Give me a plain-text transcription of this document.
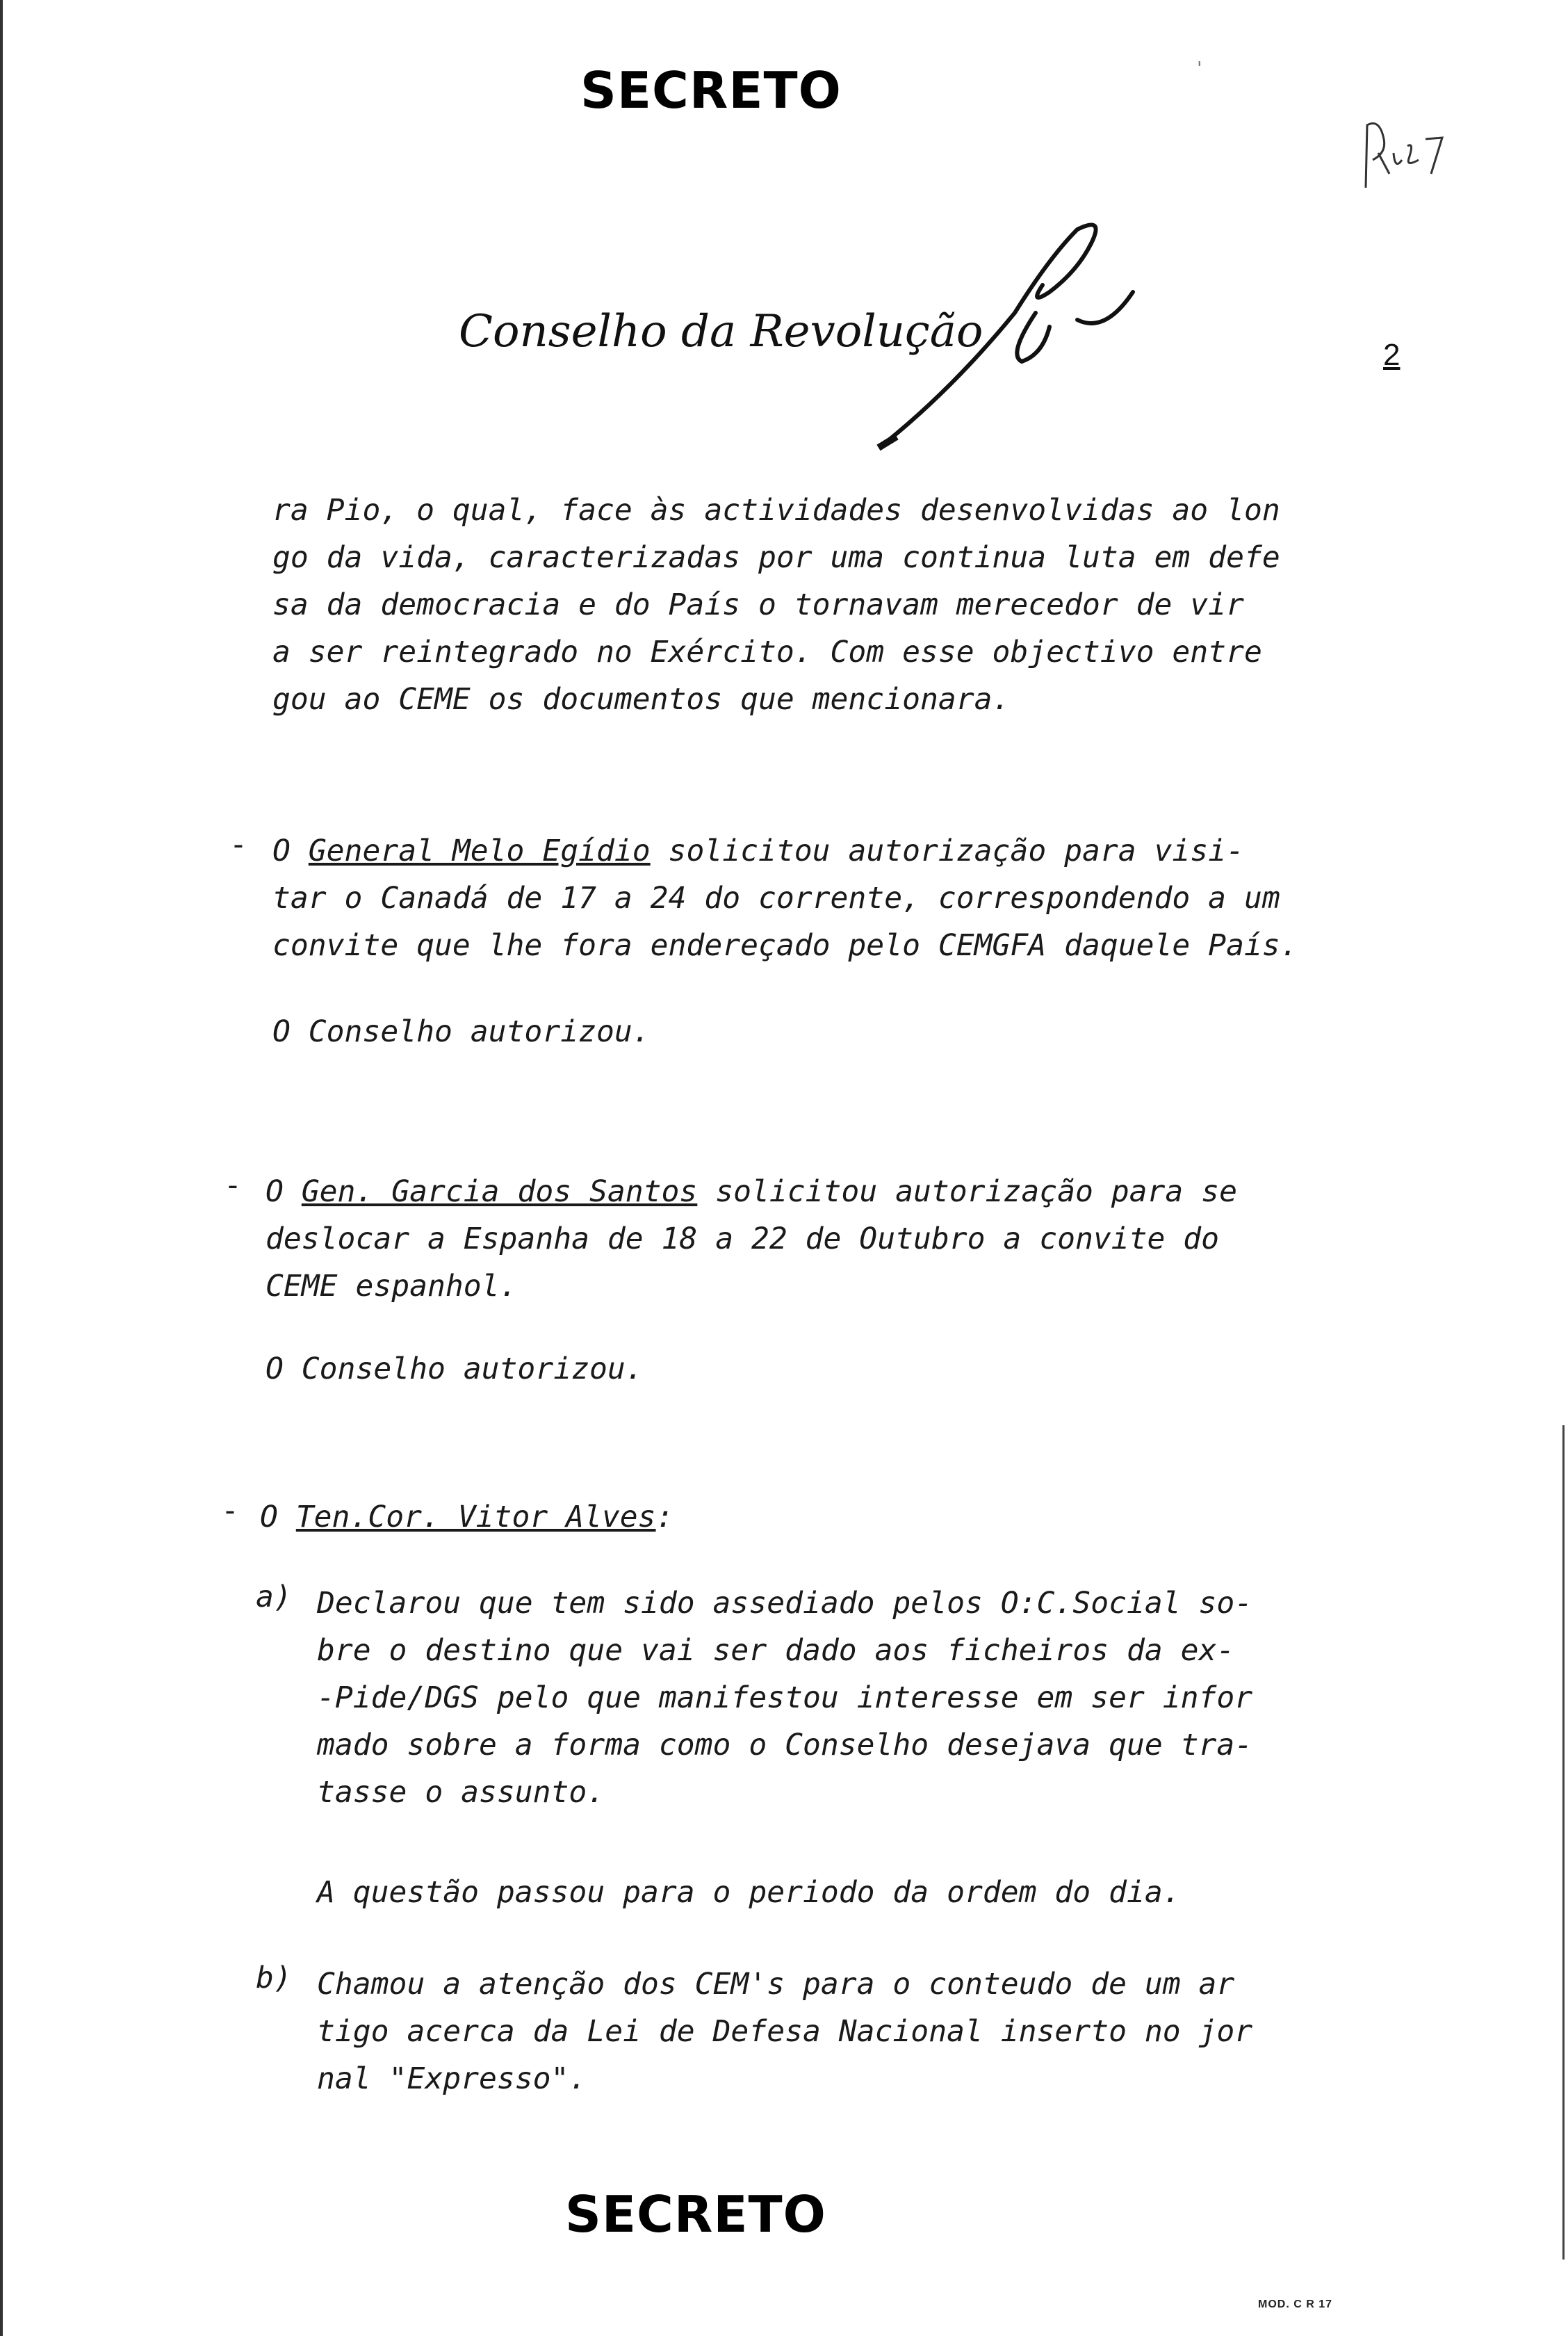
SECRETO	'
Conselho da Revolução	2
ra Pio, o qual, face às actividades desenvolvidas ao lon
go da vida, caracterizadas por uma continua luta em defe
sa da democracia e do País o tornavam merecedor de vir
a ser reintegrado no Exército. Com esse objectivo entre
gou ao CEME os documentos que mencionara.
- O General Melo Egídio solicitou autorização para visi-
tar o Canadá de 17 a 24 do corrente, correspondendo a um
convite que lhe fora endereçado pelo CEMGFA daquele País.
O Conselho autorizou.
- O Gen. Garcia dos Santos solicitou autorização para se
deslocar a Espanha de 18 a 22 de Outubro a convite do
CEME espanhol.
O Conselho autorizou.
- O Ten.Cor. Vitor Alves:
a) Declarou que tem sido assediado pelos O:C.Social so-
bre o destino que vai ser dado aos ficheiros da ex-
-Pide/DGS pelo que manifestou interesse em ser infor
mado sobre a forma como o Conselho desejava que tra-
tasse o assunto.
A questão passou para o periodo da ordem do dia.
b) Chamou a atenção dos CEM's para o conteudo de um ar
tigo acerca da Lei de Defesa Nacional inserto no jor
nal "Expresso".
SECRETO
MOD. C R 17
